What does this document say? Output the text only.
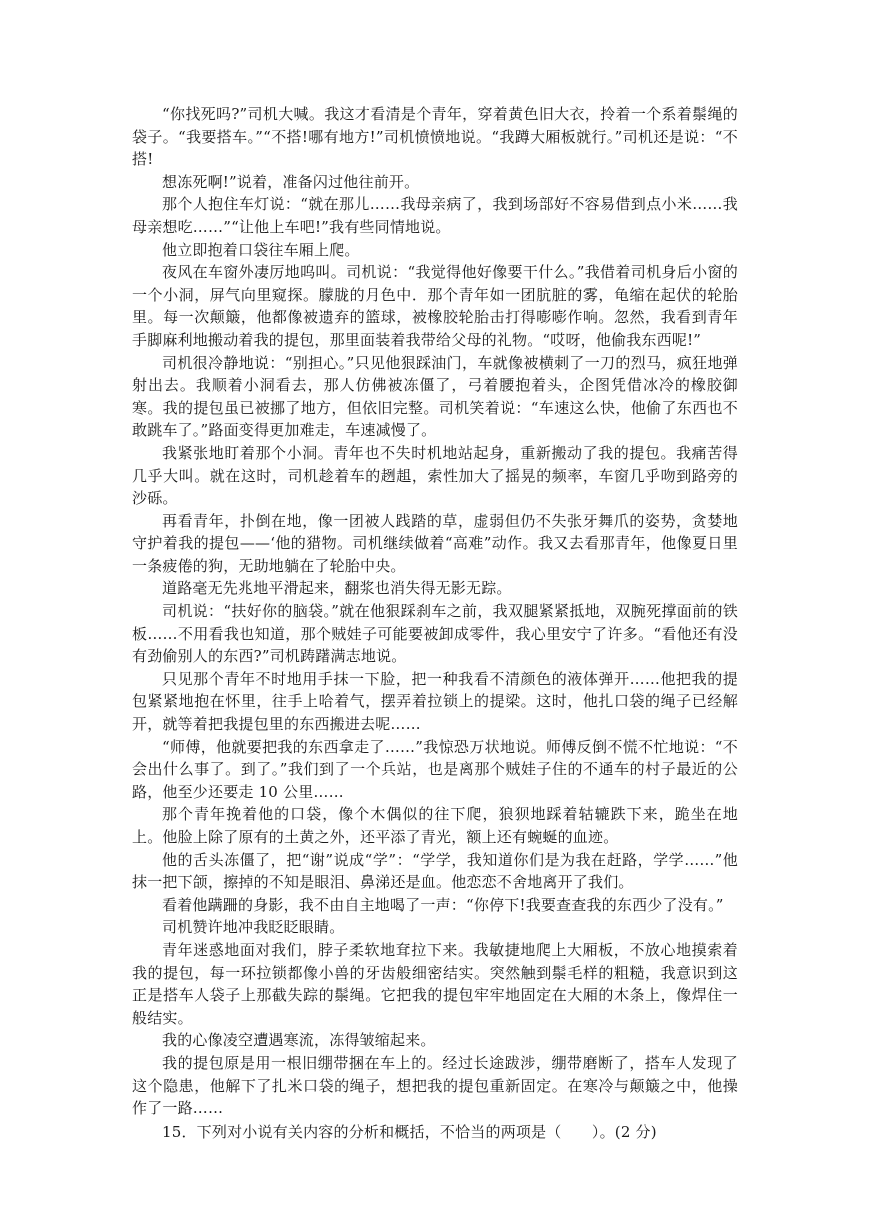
“你找死吗?”司机大喊。我这才看清是个青年，穿着黄色旧大衣，拎着一个系着鬃绳的袋子。“我要搭车。”“不搭!哪有地方!”司机愤愤地说。“我蹲大厢板就行。”司机还是说：“不搭!

想冻死啊!”说着，准备闪过他往前开。

那个人抱住车灯说：“就在那儿……我母亲病了，我到场部好不容易借到点小米……我母亲想吃……”“让他上车吧!”我有些同情地说。

他立即抱着口袋往车厢上爬。

夜风在车窗外凄厉地呜叫。司机说：“我觉得他好像要干什么。”我借着司机身后小窗的一个小洞，屏气向里窥探。朦胧的月色中．那个青年如一团肮脏的雾，龟缩在起伏的轮胎里。每一次颠簸，他都像被遗弃的篮球，被橡胶轮胎击打得嘭嘭作响。忽然，我看到青年手脚麻利地搬动着我的提包，那里面装着我带给父母的礼物。“哎呀，他偷我东西呢!”

司机很冷静地说：“别担心。”只见他狠踩油门，车就像被横刺了一刀的烈马，疯狂地弹射出去。我顺着小洞看去，那人仿佛被冻僵了，弓着腰抱着头，企图凭借冰冷的橡胶御寒。我的提包虽已被挪了地方，但依旧完整。司机笑着说：“车速这么快，他偷了东西也不敢跳车了。”路面变得更加难走，车速减慢了。

我紧张地盯着那个小洞。青年也不失时机地站起身，重新搬动了我的提包。我痛苦得几乎大叫。就在这时，司机趁着车的趔趄，索性加大了摇晃的频率，车窗几乎吻到路旁的沙砾。

再看青年，扑倒在地，像一团被人践踏的草，虚弱但仍不失张牙舞爪的姿势，贪婪地守护着我的提包——‘他的猎物。司机继续做着“高难”动作。我又去看那青年，他像夏日里一条疲倦的狗，无助地躺在了轮胎中央。

道路毫无先兆地平滑起来，翻浆也消失得无影无踪。

司机说：“扶好你的脑袋。”就在他狠踩刹车之前，我双腿紧紧抵地，双腕死撑面前的铁板……不用看我也知道，那个贼娃子可能要被卸成零件，我心里安宁了许多。“看他还有没有劲偷别人的东西?”司机踌躇满志地说。

只见那个青年不时地用手抹一下脸，把一种我看不清颜色的液体弹开……他把我的提包紧紧地抱在怀里，往手上哈着气，摆弄着拉锁上的提梁。这时，他扎口袋的绳子已经解开，就等着把我提包里的东西搬进去呢……

“师傅，他就要把我的东西拿走了……”我惊恐万状地说。师傅反倒不慌不忙地说：“不会出什么事了。到了。”我们到了一个兵站，也是离那个贼娃子住的不通车的村子最近的公路，他至少还要走 10 公里……

那个青年挽着他的口袋，像个木偶似的往下爬，狼狈地踩着轱辘跌下来，跪坐在地上。他脸上除了原有的土黄之外，还平添了青光，额上还有蜿蜒的血迹。

他的舌头冻僵了，把“谢”说成“学”：“学学，我知道你们是为我在赶路，学学……”他抹一把下颌，擦掉的不知是眼泪、鼻涕还是血。他恋恋不舍地离开了我们。

看着他蹒跚的身影，我不由自主地喝了一声：“你停下!我要查查我的东西少了没有。”

司机赞许地冲我眨眨眼睛。

青年迷惑地面对我们，脖子柔软地耷拉下来。我敏捷地爬上大厢板，不放心地摸索着我的提包，每一环拉锁都像小兽的牙齿般细密结实。突然触到鬃毛样的粗糙，我意识到这正是搭车人袋子上那截失踪的鬃绳。它把我的提包牢牢地固定在大厢的木条上，像焊住一般结实。

我的心像凌空遭遇寒流，冻得皱缩起来。

我的提包原是用一根旧绷带捆在车上的。经过长途跋涉，绷带磨断了，搭车人发现了这个隐患，他解下了扎米口袋的绳子，想把我的提包重新固定。在寒冷与颠簸之中，他操作了一路……

15．下列对小说有关内容的分析和概括，不恰当的两项是（　　）。(2 分)
